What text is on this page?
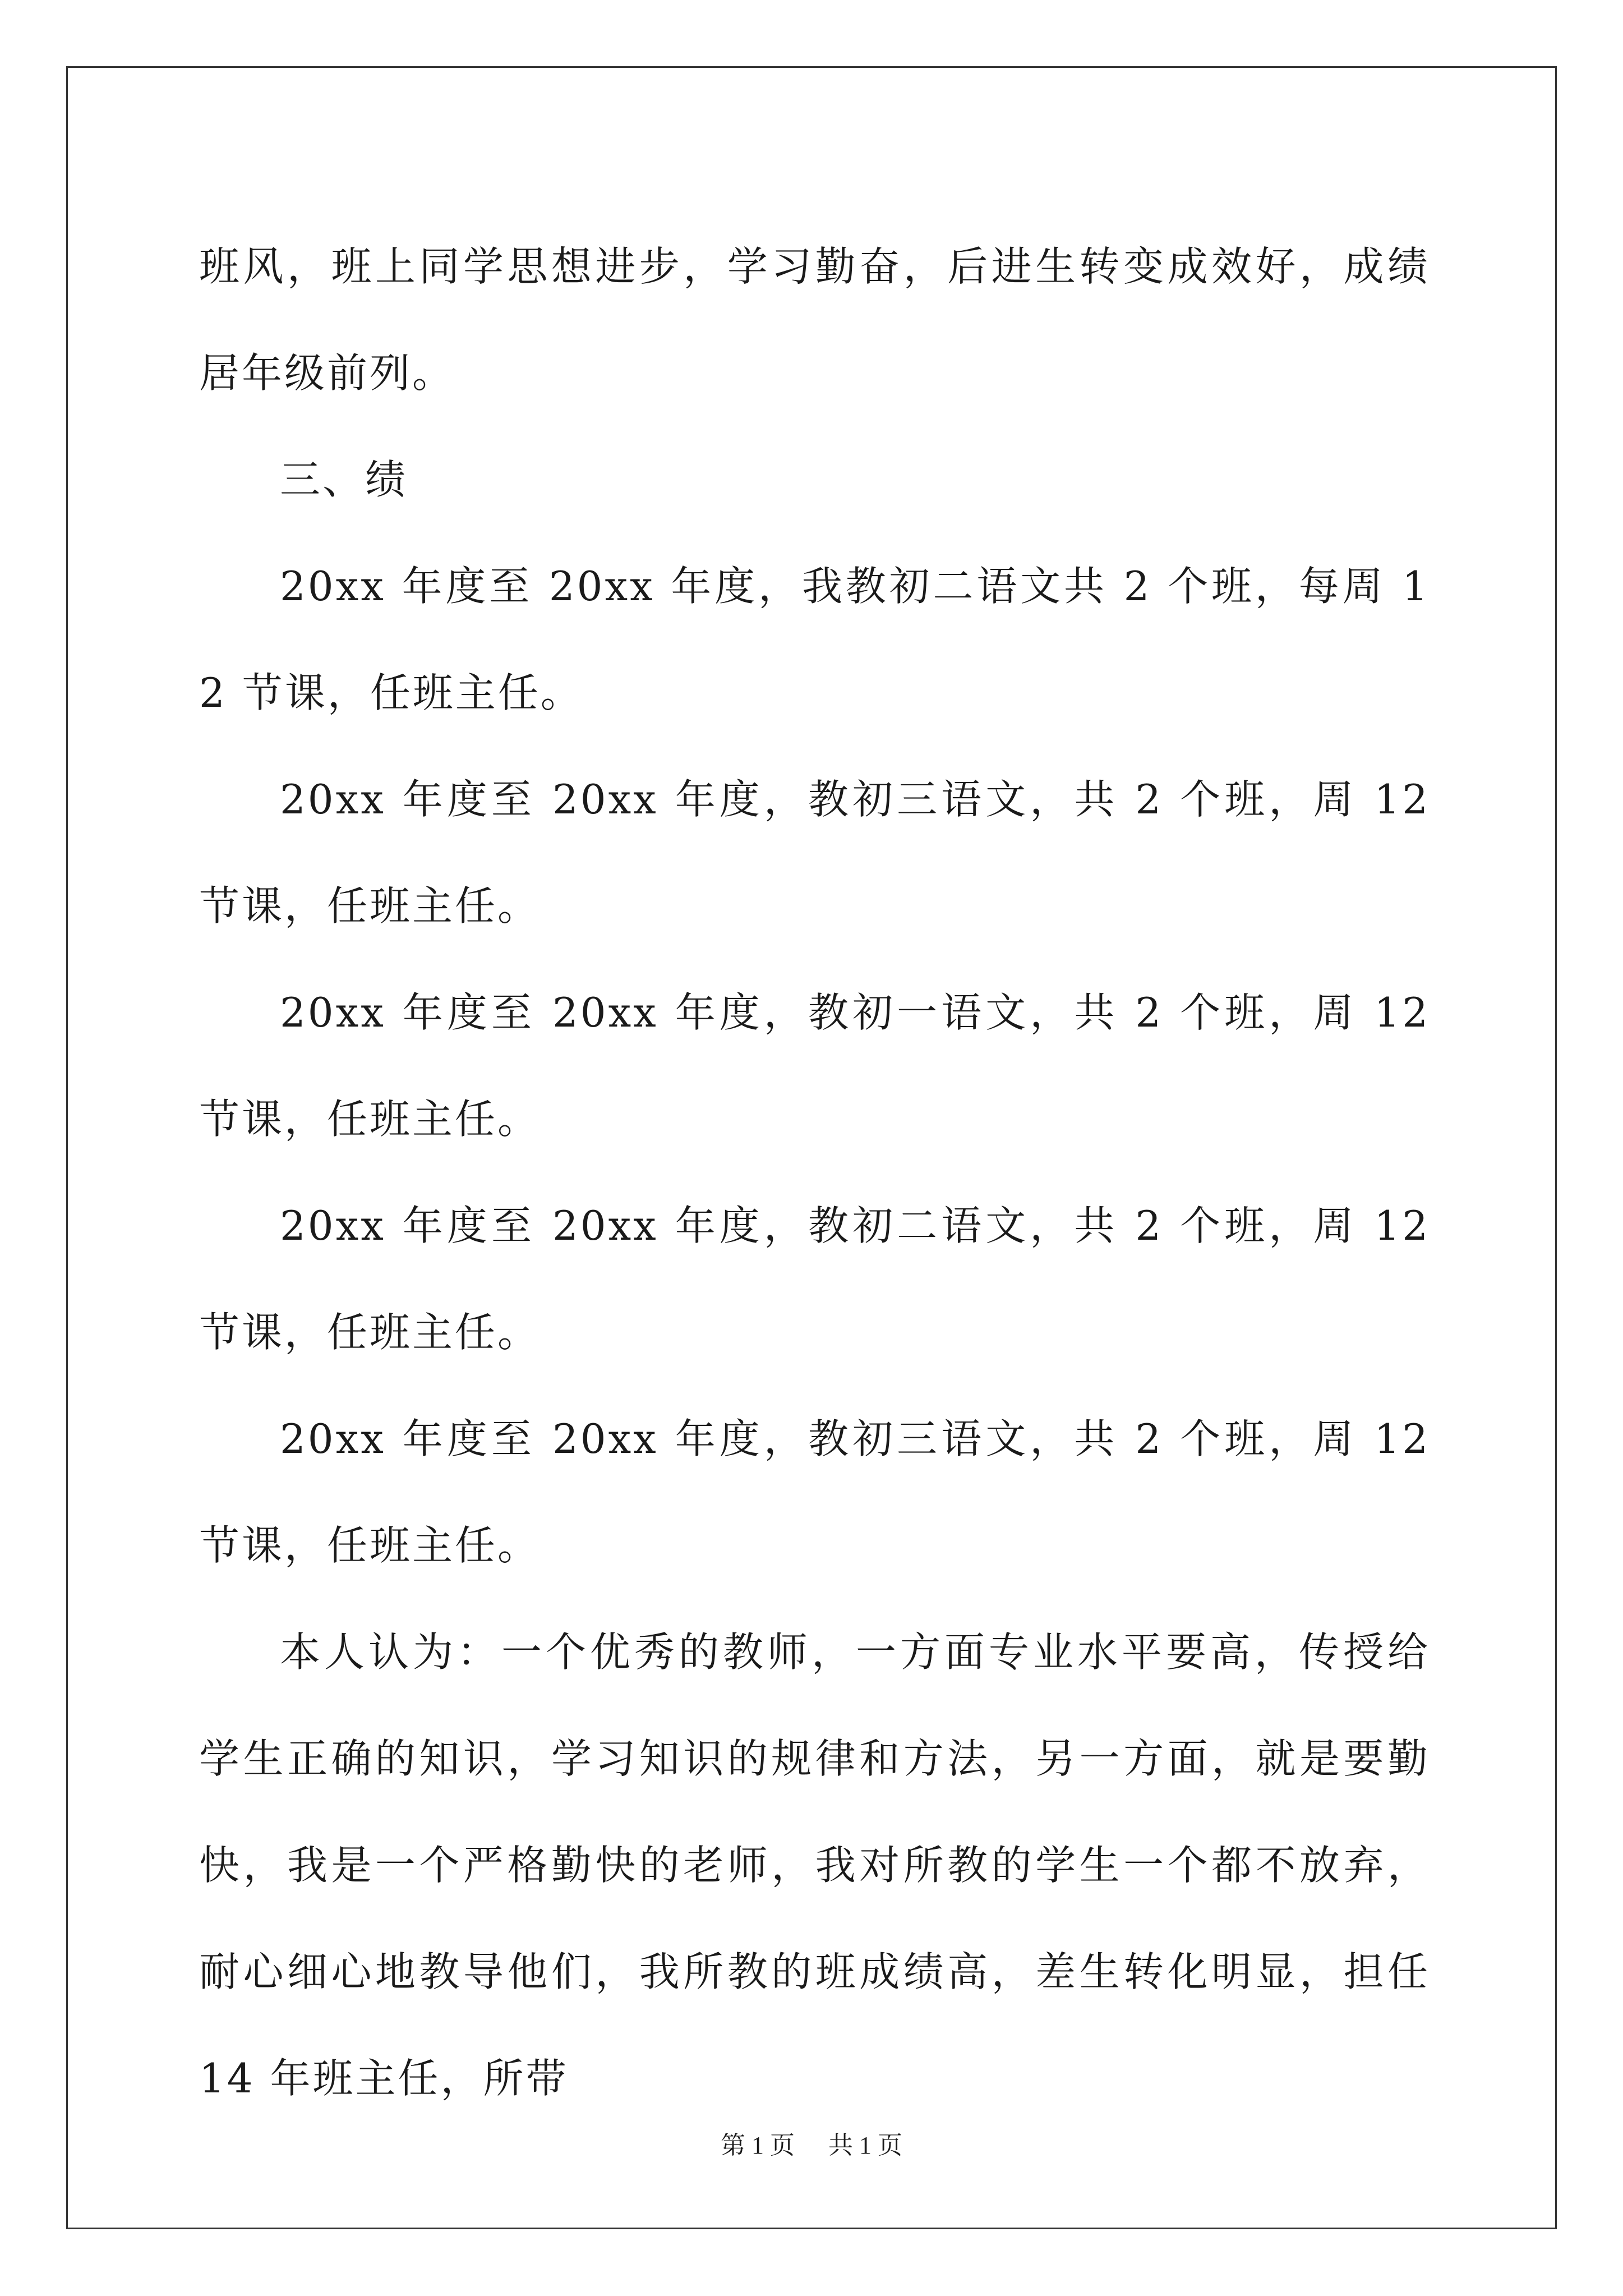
班风，班上同学思想进步，学习勤奋，后进生转变成效好，成绩居年级前列。

三、绩

20xx 年度至 20xx 年度，我教初二语文共 2 个班，每周 12 节课，任班主任。

20xx 年度至 20xx 年度，教初三语文，共 2 个班，周 12 节课，任班主任。

20xx 年度至 20xx 年度，教初一语文，共 2 个班，周 12 节课，任班主任。

20xx 年度至 20xx 年度，教初二语文，共 2 个班，周 12 节课，任班主任。

20xx 年度至 20xx 年度，教初三语文，共 2 个班，周 12 节课，任班主任。

本人认为：一个优秀的教师，一方面专业水平要高，传授给学生正确的知识，学习知识的规律和方法，另一方面，就是要勤快，我是一个严格勤快的老师，我对所教的学生一个都不放弃，耐心细心地教导他们，我所教的班成绩高，差生转化明显，担任 14 年班主任，所带

第 1 页 共 1 页
